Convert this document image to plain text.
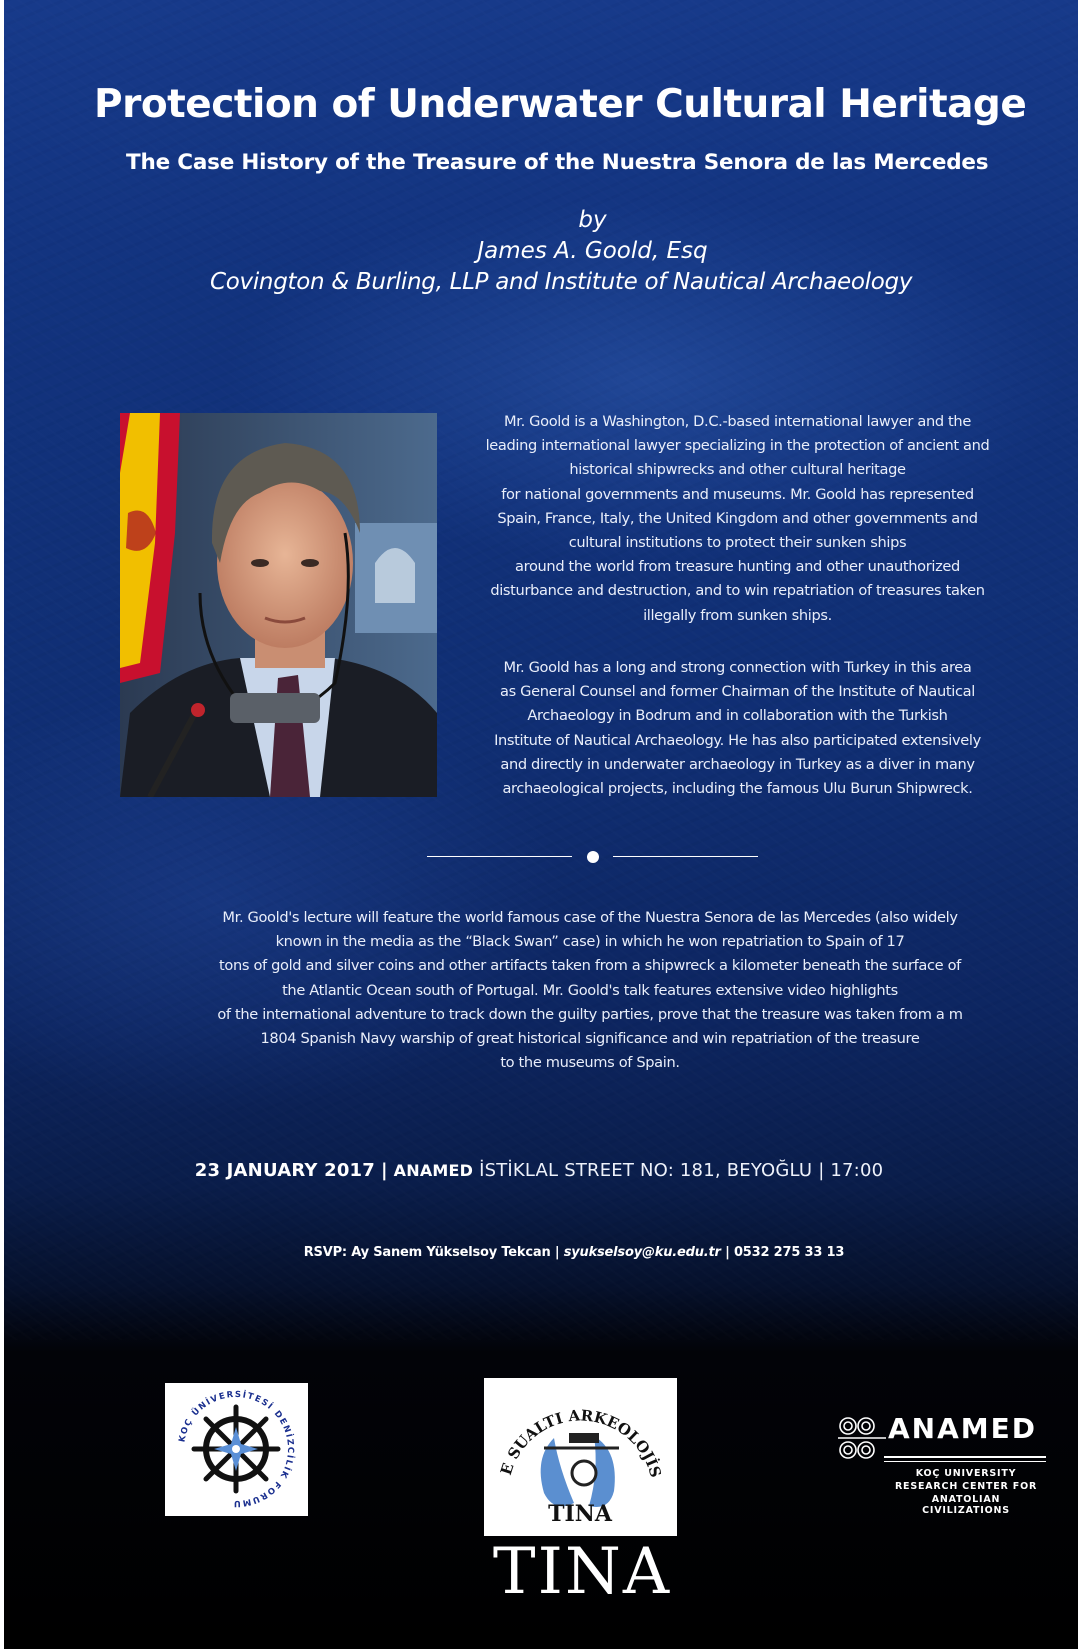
Protection of Underwater Cultural Heritage
The Case History of the Treasure of the Nuestra Senora de las Mercedes
by
James A. Goold, Esq
Covington & Burling, LLP and Institute of Nautical Archaeology
Mr. Goold is a Washington, D.C.-based international lawyer and the
leading international lawyer specializing in the protection of ancient and
historical shipwrecks and other cultural heritage
for national governments and museums. Mr. Goold has represented
Spain, France, Italy, the United Kingdom and other governments and
cultural institutions to protect their sunken ships
around the world from treasure hunting and other unauthorized
disturbance and destruction, and to win repatriation of treasures taken
illegally from sunken ships.
Mr. Goold has a long and strong connection with Turkey in this area
as General Counsel and former Chairman of the Institute of Nautical
Archaeology in Bodrum and in collaboration with the Turkish
Institute of Nautical Archaeology. He has also participated extensively
and directly in underwater archaeology in Turkey as a diver in many
archaeological projects, including the famous Ulu Burun Shipwreck.
Mr. Goold's lecture will feature the world famous case of the Nuestra Senora de las Mercedes (also widely
known in the media as the “Black Swan” case) in which he won repatriation to Spain of 17
tons of gold and silver coins and other artifacts taken from a shipwreck a kilometer beneath the surface of
the Atlantic Ocean south of Portugal. Mr. Goold's talk features extensive video highlights
of the international adventure to track down the guilty parties, prove that the treasure was taken from a m
1804 Spanish Navy warship of great historical significance and win repatriation of the treasure
to the museums of Spain.
23 JANUARY 2017 | ANAMED İSTİKLAL STREET NO: 181, BEYOĞLU | 17:00
RSVP: Ay Sanem Yükselsoy Tekcan | syukselsoy@ku.edu.tr | 0532 275 33 13
KOÇ ÜNİVERSİTESİ DENİZCİLİK FORUMU
E SUALTI ARKEOLOJİS
TINA
TINA
ANAMED
KOÇ UNIVERSITY
RESEARCH CENTER FOR
ANATOLIAN CIVILIZATIONS
